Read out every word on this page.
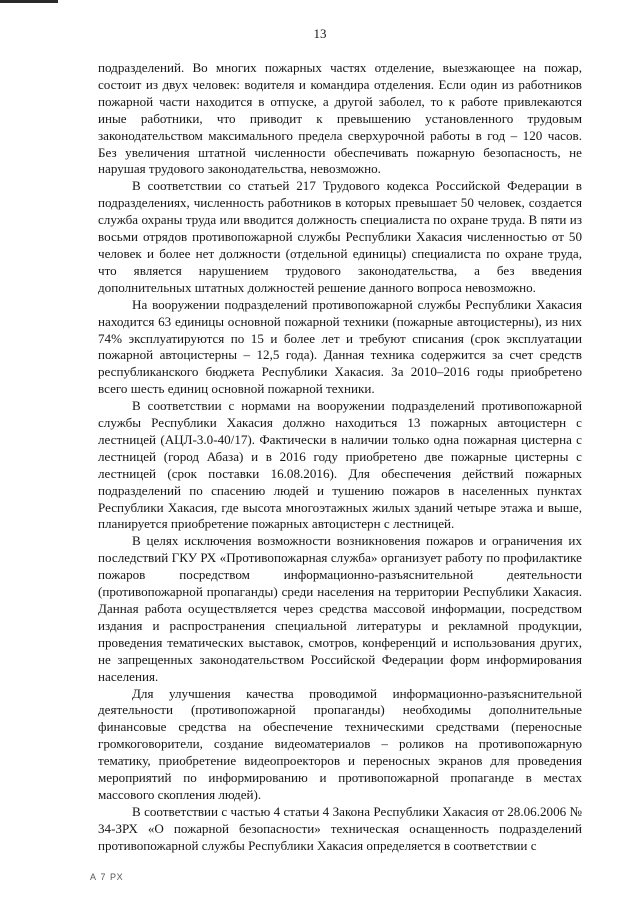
13

подразделений. Во многих пожарных частях отделение, выезжающее на пожар, состоит из двух человек: водителя и командира отделения. Если один из работников пожарной части находится в отпуске, а другой заболел, то к работе привлекаются иные работники, что приводит к превышению установленного трудовым законодательством максимального предела сверхурочной работы в год – 120 часов. Без увеличения штатной численности обеспечивать пожарную безопасность, не нарушая трудового законодательства, невозможно.

В соответствии со статьей 217 Трудового кодекса Российской Федерации в подразделениях, численность работников в которых превышает 50 человек, создается служба охраны труда или вводится должность специалиста по охране труда. В пяти из восьми отрядов противопожарной службы Республики Хакасия численностью от 50 человек и более нет должности (отдельной единицы) специалиста по охране труда, что является нарушением трудового законодательства, а без введения дополнительных штатных должностей решение данного вопроса невозможно.

На вооружении подразделений противопожарной службы Республики Хакасия находится 63 единицы основной пожарной техники (пожарные автоцистерны), из них 74% эксплуатируются по 15 и более лет и требуют списания (срок эксплуатации пожарной автоцистерны – 12,5 года). Данная техника содержится за счет средств республиканского бюджета Республики Хакасия. За 2010–2016 годы приобретено всего шесть единиц основной пожарной техники.

В соответствии с нормами на вооружении подразделений противопожарной службы Республики Хакасия должно находиться 13 пожарных автоцистерн с лестницей (АЦЛ-3.0-40/17). Фактически в наличии только одна пожарная цистерна с лестницей (город Абаза) и в 2016 году приобретено две пожарные цистерны с лестницей (срок поставки 16.08.2016). Для обеспечения действий пожарных подразделений по спасению людей и тушению пожаров в населенных пунктах Республики Хакасия, где высота многоэтажных жилых зданий четыре этажа и выше, планируется приобретение пожарных автоцистерн с лестницей.

В целях исключения возможности возникновения пожаров и ограничения их последствий ГКУ РХ «Противопожарная служба» организует работу по профилактике пожаров посредством информационно-разъяснительной деятельности (противопожарной пропаганды) среди населения на территории Республики Хакасия. Данная работа осуществляется через средства массовой информации, посредством издания и распространения специальной литературы и рекламной продукции, проведения тематических выставок, смотров, конференций и использования других, не запрещенных законодательством Российской Федерации форм информирования населения.

Для улучшения качества проводимой информационно-разъяснительной деятельности (противопожарной пропаганды) необходимы дополнительные финансовые средства на обеспечение техническими средствами (переносные громкоговорители, создание видеоматериалов – роликов на противопожарную тематику, приобретение видеопроекторов и переносных экранов для проведения мероприятий по информированию и противопожарной пропаганде в местах массового скопления людей).

В соответствии с частью 4 статьи 4 Закона Республики Хакасия от 28.06.2006 № 34-ЗРХ «О пожарной безопасности» техническая оснащенность подразделений противопожарной службы Республики Хакасия определяется в соответствии с

А 7 РХ
